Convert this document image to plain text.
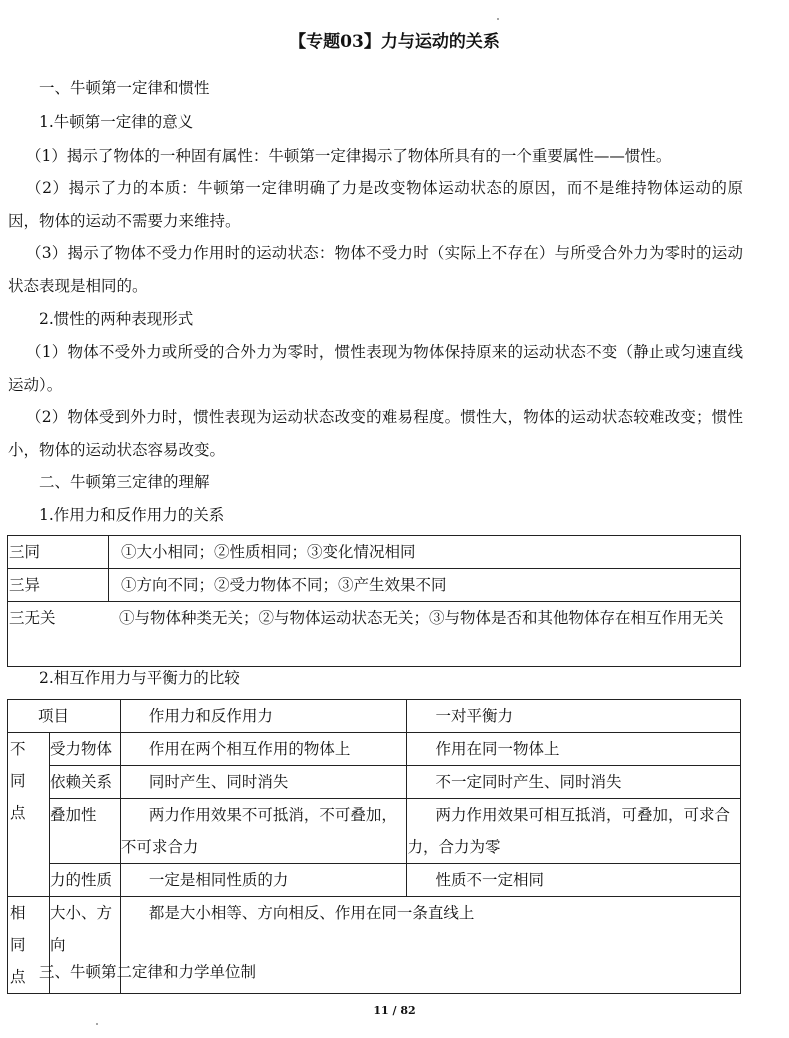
【专题03】力与运动的关系
一、牛顿第一定律和惯性
1.牛顿第一定律的意义
（1）揭示了物体的一种固有属性：牛顿第一定律揭示了物体所具有的一个重要属性——惯性。
（2）揭示了力的本质：牛顿第一定律明确了力是改变物体运动状态的原因，而不是维持物体运动的原因，物体的运动不需要力来维持。
（3）揭示了物体不受力作用时的运动状态：物体不受力时（实际上不存在）与所受合外力为零时的运动状态表现是相同的。
2.惯性的两种表现形式
（1）物体不受外力或所受的合外力为零时，惯性表现为物体保持原来的运动状态不变（静止或匀速直线运动）。
（2）物体受到外力时，惯性表现为运动状态改变的难易程度。惯性大，物体的运动状态较难改变；惯性小，物体的运动状态容易改变。
二、牛顿第三定律的理解
1.作用力和反作用力的关系
三同	①大小相同；②性质相同；③变化情况相同
三异	①方向不同；②受力物体不同；③产生效果不同
三无关 ①与物体种类无关；②与物体运动状态无关；③与物体是否和其他物体存在相互作用无关	
2.相互作用力与平衡力的比较
项目		作用力和反作用力	一对平衡力
不同点	受力物体	作用在两个相互作用的物体上	作用在同一物体上
	依赖关系	同时产生、同时消失	不一定同时产生、同时消失
	叠加性	两力作用效果不可抵消，不可叠加，不可求合力	两力作用效果可相互抵消，可叠加，可求合力，合力为零
	力的性质	一定是相同性质的力	性质不一定相同
相同点	大小、方向	都是大小相等、方向相反、作用在同一条直线上	
三、牛顿第二定律和力学单位制
11 / 82
